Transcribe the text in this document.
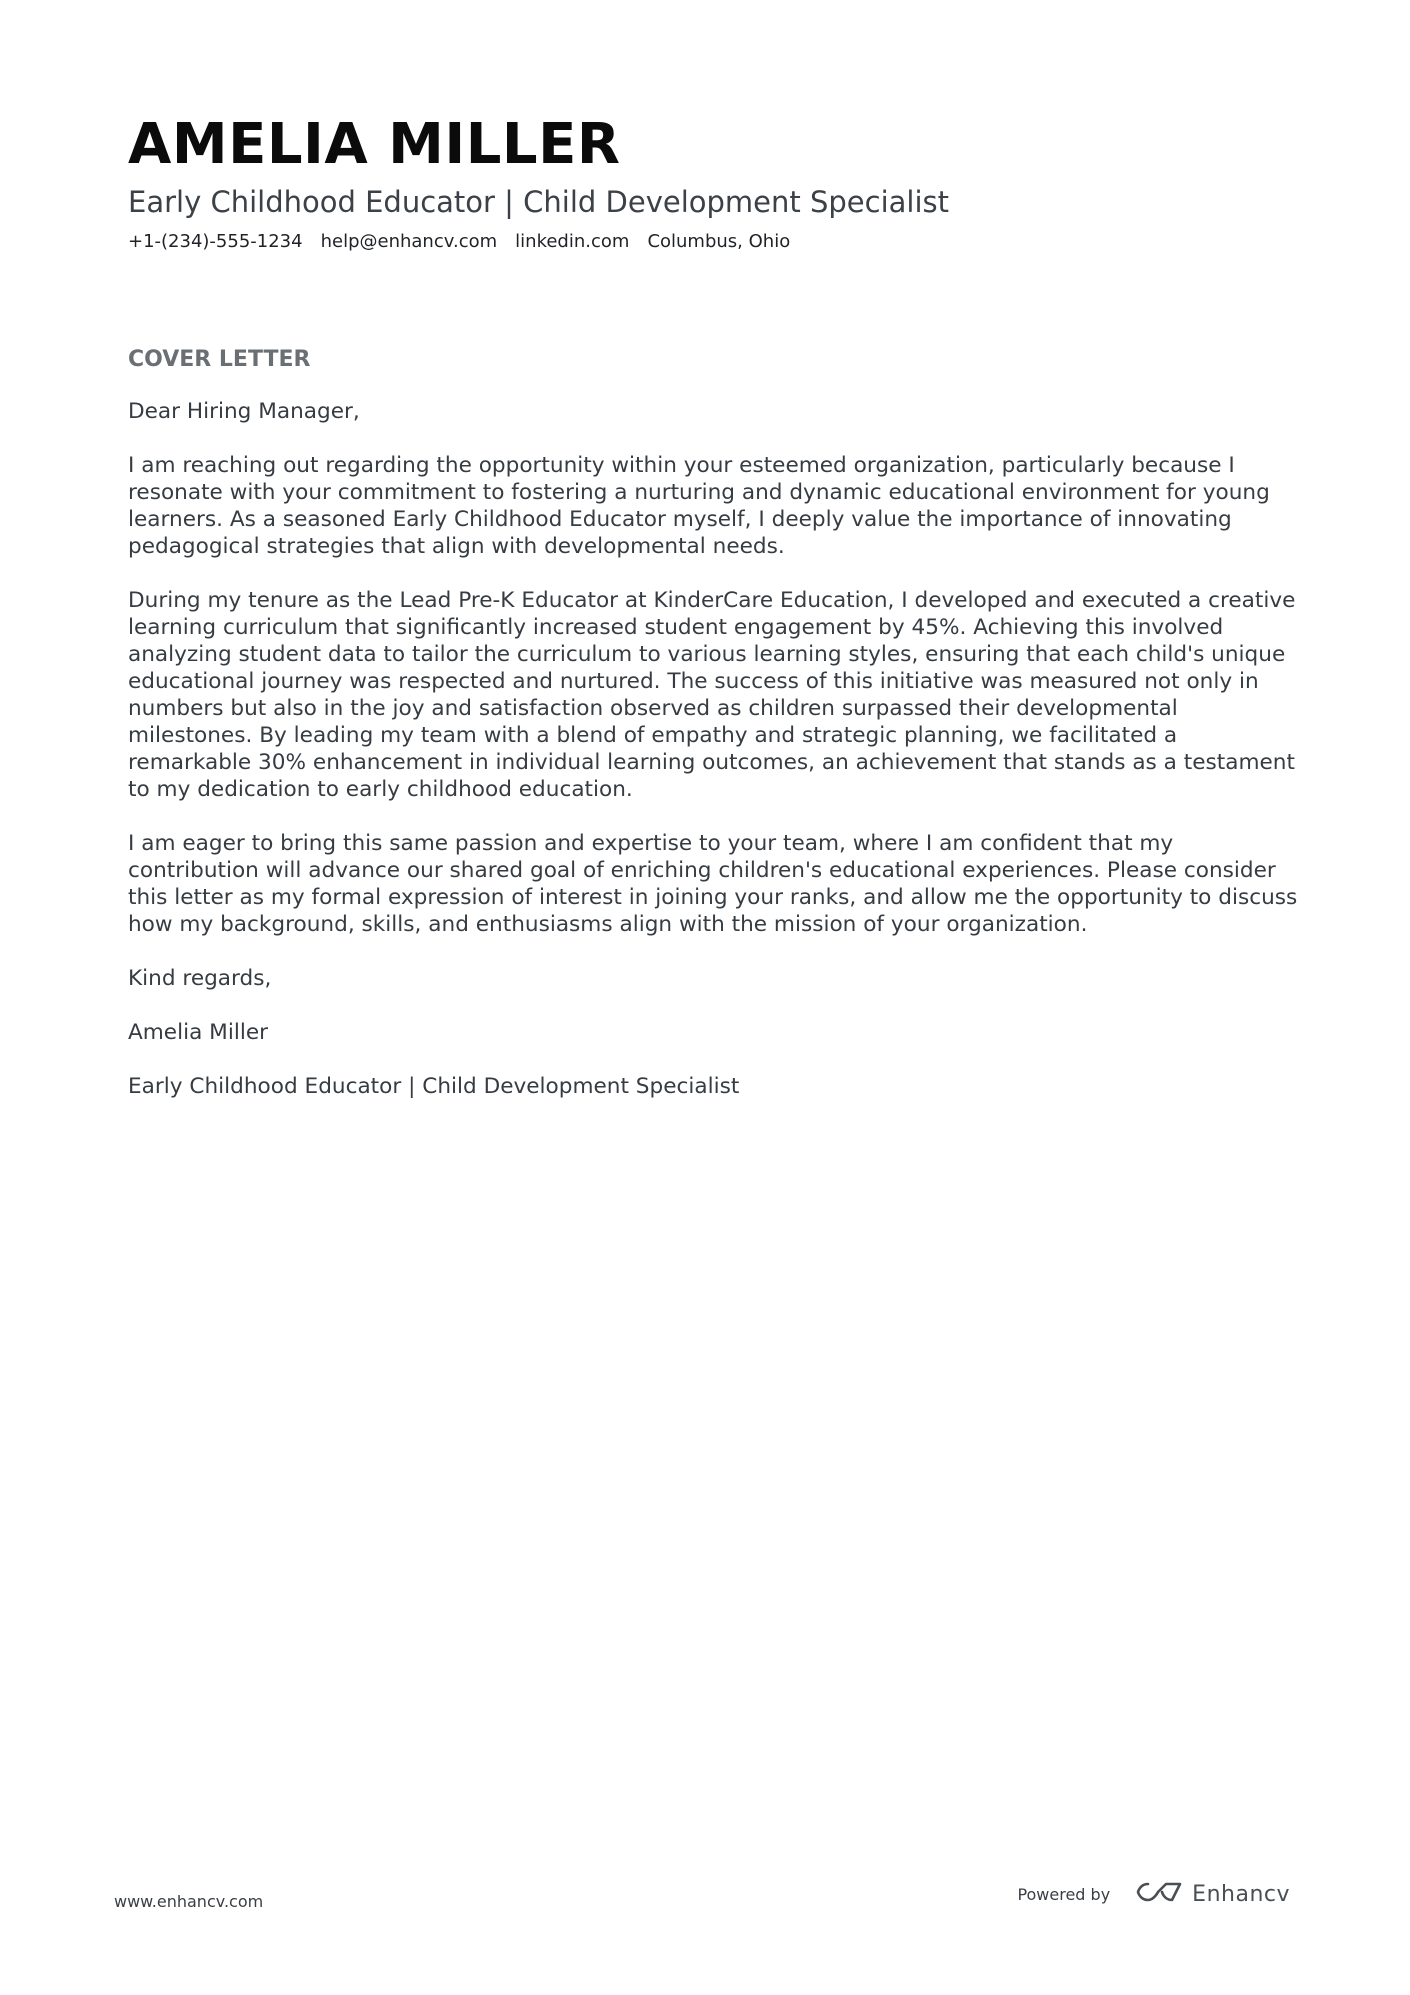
AMELIA MILLER
Early Childhood Educator | Child Development Specialist
+1-(234)-555-1234 help@enhancv.com linkedin.com Columbus, Ohio
COVER LETTER

Dear Hiring Manager,

I am reaching out regarding the opportunity within your esteemed organization, particularly because I resonate with your commitment to fostering a nurturing and dynamic educational environment for young learners. As a seasoned Early Childhood Educator myself, I deeply value the importance of innovating pedagogical strategies that align with developmental needs.

During my tenure as the Lead Pre-K Educator at KinderCare Education, I developed and executed a creative learning curriculum that significantly increased student engagement by 45%. Achieving this involved analyzing student data to tailor the curriculum to various learning styles, ensuring that each child's unique educational journey was respected and nurtured. The success of this initiative was measured not only in numbers but also in the joy and satisfaction observed as children surpassed their developmental milestones. By leading my team with a blend of empathy and strategic planning, we facilitated a remarkable 30% enhancement in individual learning outcomes, an achievement that stands as a testament to my dedication to early childhood education.

I am eager to bring this same passion and expertise to your team, where I am confident that my contribution will advance our shared goal of enriching children's educational experiences. Please consider this letter as my formal expression of interest in joining your ranks, and allow me the opportunity to discuss how my background, skills, and enthusiasms align with the mission of your organization.

Kind regards,

Amelia Miller

Early Childhood Educator | Child Development Specialist

www.enhancv.com	Powered by	Enhancv
